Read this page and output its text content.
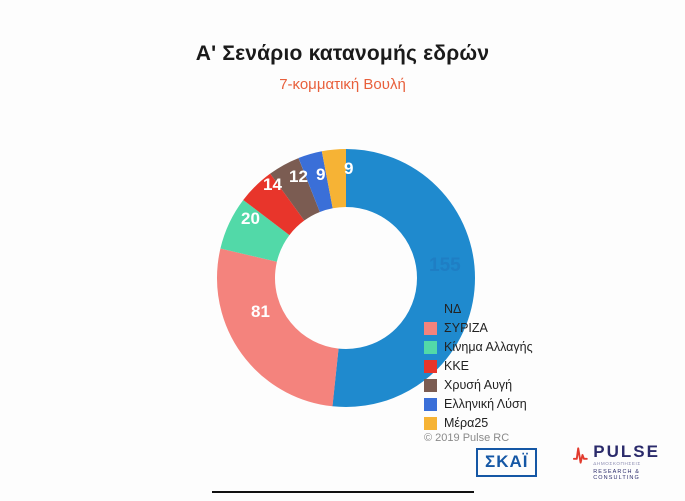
Α' Σενάριο κατανομής εδρών
7-κομματική Βουλή
155
81
20
14 12 9 9
ΝΔ
ΣΥΡΙΖΑ
Κίνημα Αλλαγής
ΚΚΕ
Χρυσή Αυγή
Ελληνική Λύση
Μέρα25
© 2019 Pulse RC
ΣΚΑΪ
PULSE
ΔΗΜΟΣΚΟΠΗΣΕΙΣ
RESEARCH & CONSULTING
